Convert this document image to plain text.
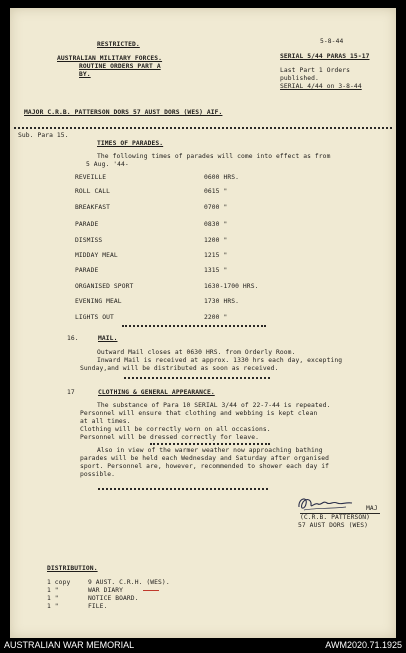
RESTRICTED.
AUSTRALIAN MILITARY FORCES.
ROUTINE ORDERS PART A
BY.
5-8-44
SERIAL 5/44 PARAS 15-17
Last Part 1 Orders
published.
SERIAL 4/44 on 3-8-44
MAJOR C.R.B. PATTERSON DORS 57 AUST DORS (WES) AIF.
Sub. Para 15.
TIMES OF PARADES.
The following times of parades will come into effect as from
5 Aug. '44-
REVEILLE	0600 HRS.
ROLL CALL	0615 "
BREAKFAST	0700 "
PARADE	0830 "
DISMISS	1200 "
MIDDAY MEAL	1215 "
PARADE	1315 "
ORGANISED SPORT	1630-1700 HRS.
EVENING MEAL	1730 HRS.
LIGHTS OUT	2200 "
16.	MAIL.
Outward Mail closes at 0630 HRS. from Orderly Room.
Inward Mail is received at approx. 1330 hrs each day, excepting
Sunday,and will be distributed as soon as received.
17	CLOTHING & GENERAL APPEARANCE.
The substance of Para 10 SERIAL 3/44 of 22-7-44 is repeated.
Personnel will ensure that clothing and webbing is kept clean
at all times.
Clothing will be correctly worn on all occasions.
Personnel will be dressed correctly for leave.
Also in view of the warmer weather now approaching bathing
parades will be held each Wednesday and Saturday after organised
sport. Personnel are, however, recommended to shower each day if
possible.
MAJ
(C.R.B. PATTERSON)
57 AUST DORS (WES)
DISTRIBUTION.
1 copy	9 AUST. C.R.H. (WES).
1 "	WAR DIARY
1 "	NOTICE BOARD.
1 "	FILE.
AUSTRALIAN WAR MEMORIAL	AWM2020.71.1925
